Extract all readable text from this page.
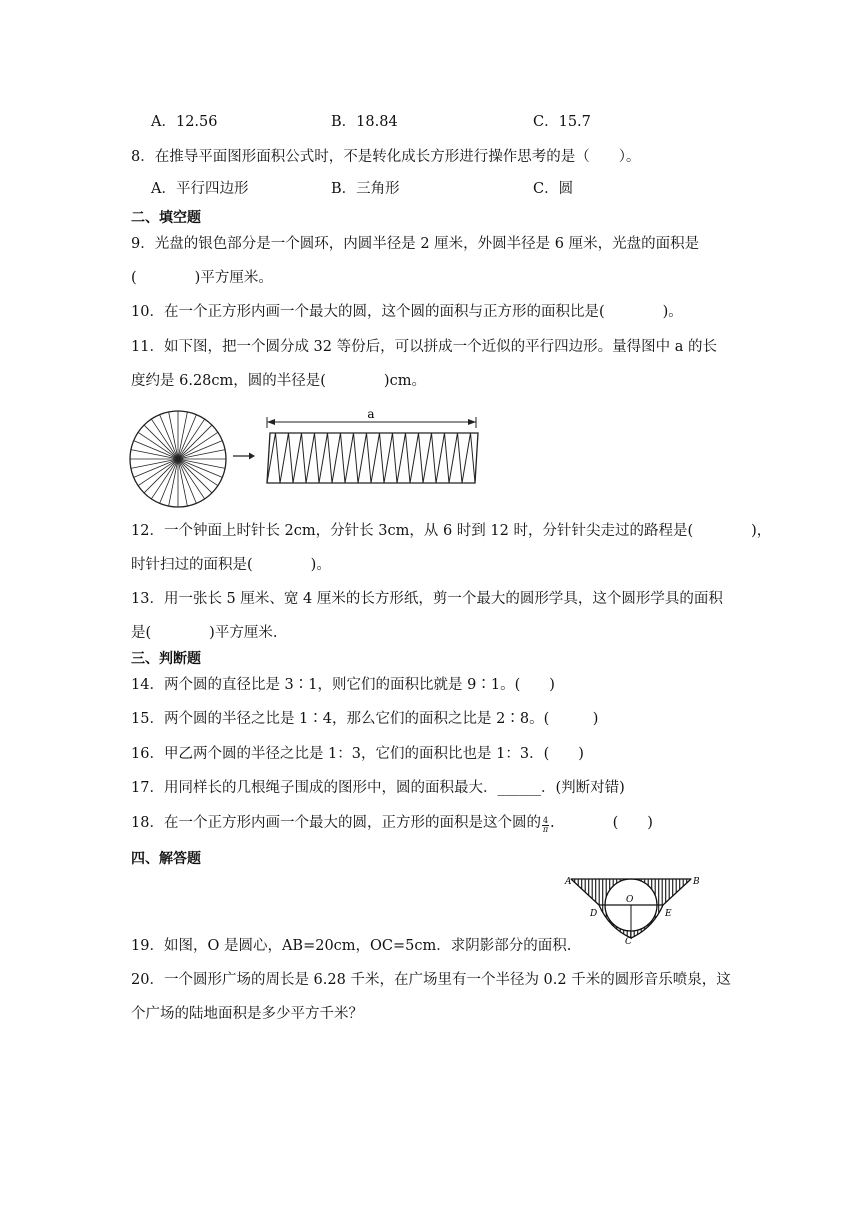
A．12.56	B．18.84	C．15.7
8．在推导平面图形面积公式时，不是转化成长方形进行操作思考的是（　　）。
A．平行四边形	B．三角形	C．圆
二、填空题
9．光盘的银色部分是一个圆环，内圆半径是 2 厘米，外圆半径是 6 厘米，光盘的面积是
(　　　　)平方厘米。
10．在一个正方形内画一个最大的圆，这个圆的面积与正方形的面积比是(　　　　)。
11．如下图，把一个圆分成 32 等份后，可以拼成一个近似的平行四边形。量得图中 a 的长
度约是 6.28cm，圆的半径是(　　　　)cm。
a
12．一个钟面上时针长 2cm，分针长 3cm，从 6 时到 12 时，分针针尖走过的路程是(　　　　)，
时针扫过的面积是(　　　　)。
13．用一张长 5 厘米、宽 4 厘米的长方形纸，剪一个最大的圆形学具，这个圆形学具的面积
是(　　　　)平方厘米.
三、判断题
14．两个圆的直径比是 3∶1，则它们的面积比就是 9∶1。(　　)
15．两个圆的半径之比是 1∶4，那么它们的面积之比是 2∶8。(　　　)
16．甲乙两个圆的半径之比是 1：3，它们的面积比也是 1：3．(　　)
17．用同样长的几根绳子围成的图形中，圆的面积最大．______．(判断对错)
18．在一个正方形内画一个最大的圆，正方形的面积是这个圆的 $\frac{4}{\pi}$ .　　　　(　　)
四、解答题
A	B
O
D	E
C
19．如图，O 是圆心，AB=20cm，OC=5cm．求阴影部分的面积.
20．一个圆形广场的周长是 6.28 千米，在广场里有一个半径为 0.2 千米的圆形音乐喷泉，这
个广场的陆地面积是多少平方千米？
